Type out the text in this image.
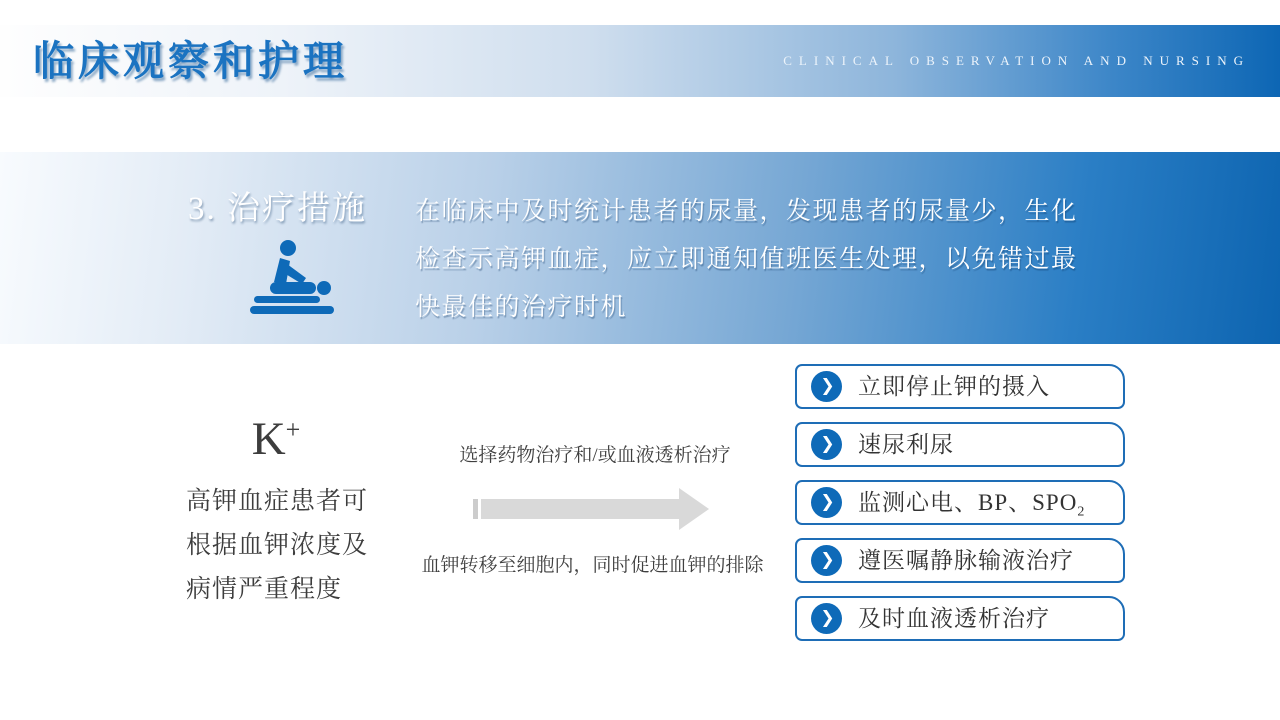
临床观察和护理	CLINICAL OBSERVATION AND NURSING
3. 治疗措施 在临床中及时统计患者的尿量，发现患者的尿量少，生化
检查示高钾血症，应立即通知值班医生处理，以免错过最
快最佳的治疗时机
K+
高钾血症患者可
根据血钾浓度及
病情严重程度
选择药物治疗和/或血液透析治疗
血钾转移至细胞内，同时促进血钾的排除
❯ 立即停止钾的摄入
❯ 速尿利尿
❯ 监测心电、BP、$SPO_2$
❯ 遵医嘱静脉输液治疗
❯ 及时血液透析治疗
